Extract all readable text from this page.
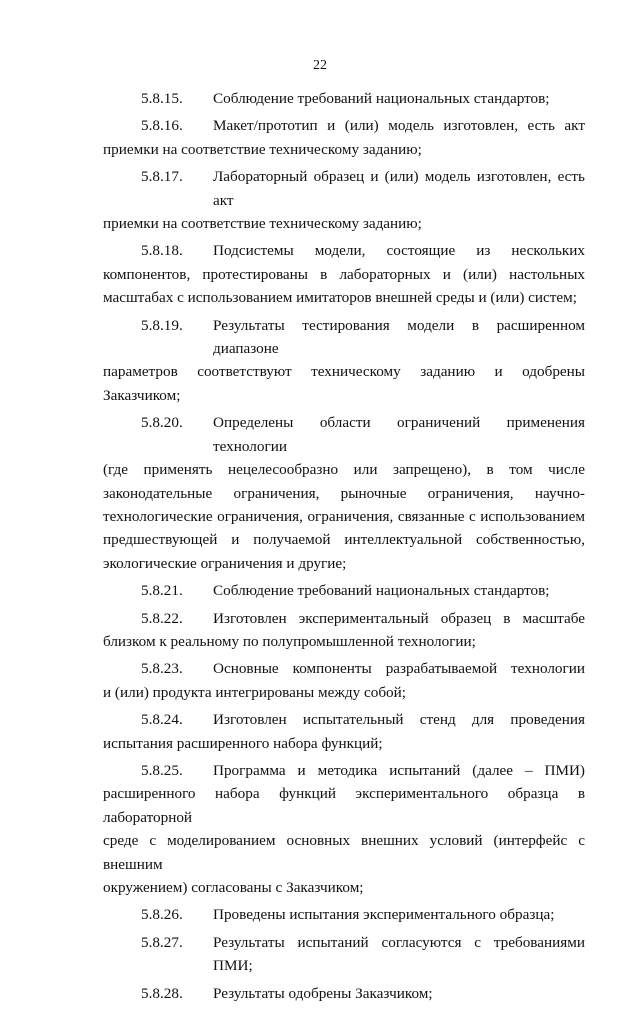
22
5.8.15.	Соблюдение требований национальных стандартов;
5.8.16.	Макет/прототип и (или) модель изготовлен, есть акт
приемки на соответствие техническому заданию;
5.8.17.	Лабораторный образец и (или) модель изготовлен, есть акт
приемки на соответствие техническому заданию;
5.8.18.	Подсистемы модели, состоящие из нескольких
компонентов, протестированы в лабораторных и (или) настольных
масштабах с использованием имитаторов внешней среды и (или) систем;
5.8.19.	Результаты тестирования модели в расширенном диапазоне
параметров соответствуют техническому заданию и одобрены Заказчиком;
5.8.20.	Определены области ограничений применения технологии
(где применять нецелесообразно или запрещено), в том числе
законодательные ограничения, рыночные ограничения, научно-
технологические ограничения, ограничения, связанные с использованием
предшествующей и получаемой интеллектуальной собственностью,
экологические ограничения и другие;
5.8.21.	Соблюдение требований национальных стандартов;
5.8.22.	Изготовлен экспериментальный образец в масштабе
близком к реальному по полупромышленной технологии;
5.8.23.	Основные компоненты разрабатываемой технологии
и (или) продукта интегрированы между собой;
5.8.24.	Изготовлен испытательный стенд для проведения
испытания расширенного набора функций;
5.8.25.	Программа и методика испытаний (далее – ПМИ)
расширенного набора функций экспериментального образца в лабораторной
среде с моделированием основных внешних условий (интерфейс с внешним
окружением) согласованы с Заказчиком;
5.8.26.	Проведены испытания экспериментального образца;
5.8.27.	Результаты испытаний согласуются с требованиями ПМИ;
5.8.28.	Результаты одобрены Заказчиком;
